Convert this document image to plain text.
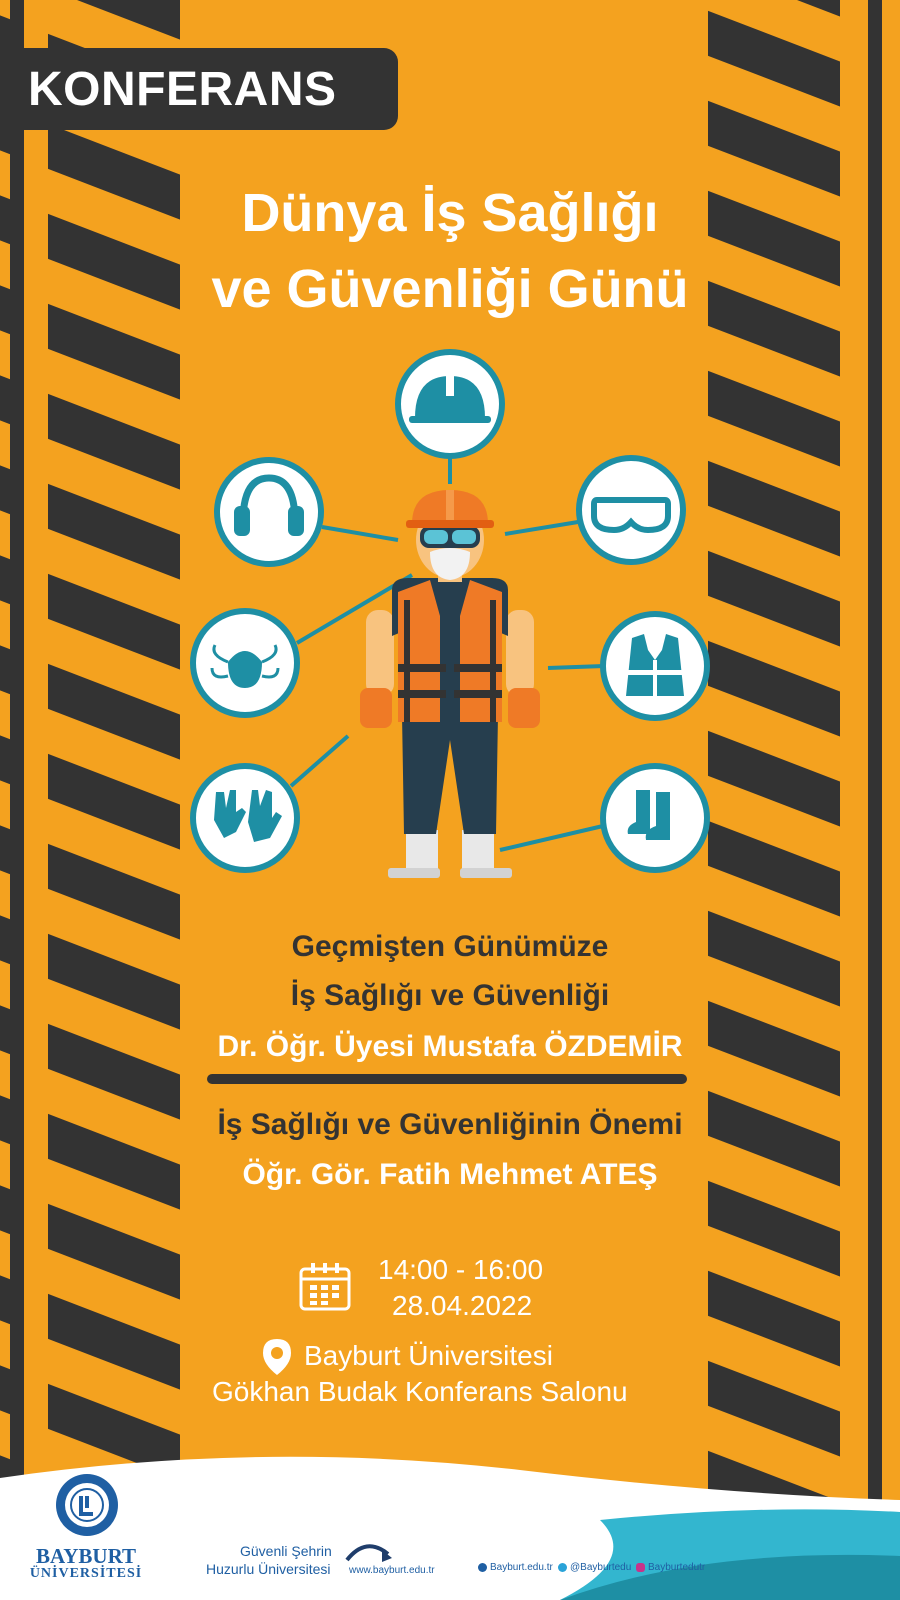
KONFERANS
Dünya İş Sağlığı
ve Güvenliği Günü
Geçmişten Günümüze
İş Sağlığı ve Güvenliği
Dr. Öğr. Üyesi Mustafa ÖZDEMİR
İş Sağlığı ve Güvenliğinin Önemi
Öğr. Gör. Fatih Mehmet ATEŞ
14:00 - 16:00
28.04.2022
Bayburt Üniversitesi
Gökhan Budak Konferans Salonu
BAYBURT
ÜNİVERSİTESİ
Güvenli Şehrin
Huzurlu Üniversitesi www.bayburt.edu.tr	Bayburt.edu.tr @Bayburtedu Bayburtedutr
